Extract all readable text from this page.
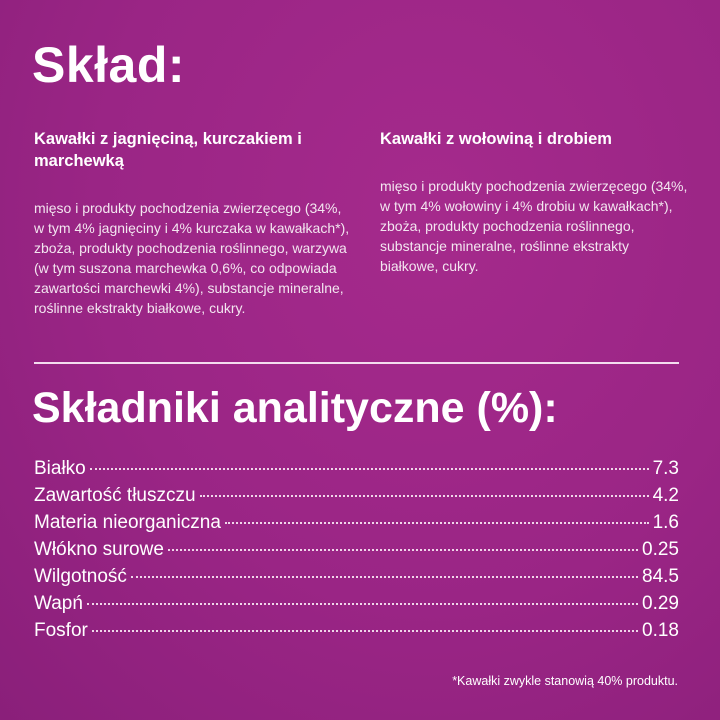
Skład:
Kawałki z jagnięciną, kurczakiem i marchewką

mięso i produkty pochodzenia zwierzęcego (34%, w tym 4% jagnięciny i 4% kurczaka w kawałkach*), zboża, produkty pochodzenia roślinnego, warzywa (w tym suszona marchewka 0,6%, co odpowiada zawartości marchewki 4%), substancje mineralne, roślinne ekstrakty białkowe, cukry.

Kawałki z wołowiną i drobiem

mięso i produkty pochodzenia zwierzęcego (34%, w tym 4% wołowiny i 4% drobiu w kawałkach*), zboża, produkty pochodzenia roślinnego, substancje mineralne, roślinne ekstrakty białkowe, cukry.

Składniki analityczne (%):
Białko	7.3
Zawartość tłuszczu	4.2
Materia nieorganiczna	1.6
Włókno surowe	0.25
Wilgotność	84.5
Wapń	0.29
Fosfor	0.18
*Kawałki zwykle stanowią 40% produktu.
